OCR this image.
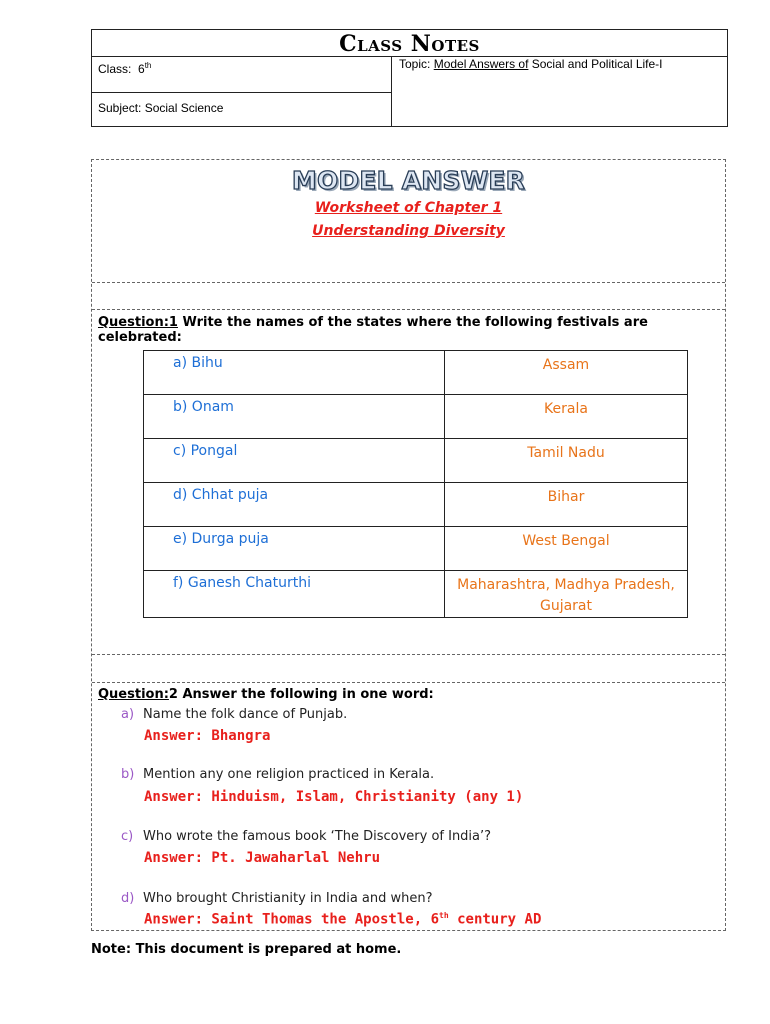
Class Notes
Class: 6th
Subject: Social Science
Topic: Model Answers of Social and Political Life-I
MODEL ANSWER
Worksheet of Chapter 1
Understanding Diversity
Question:1 Write the names of the states where the following festivals are celebrated:
a) Bihu	Assam
b) Onam	Kerala
c) Pongal	Tamil Nadu
d) Chhat puja	Bihar
e) Durga puja	West Bengal
f) Ganesh Chaturthi	Maharashtra, Madhya Pradesh, Gujarat
Question:2 Answer the following in one word:
a) Name the folk dance of Punjab.
Answer: Bhangra
b) Mention any one religion practiced in Kerala.
Answer: Hinduism, Islam, Christianity (any 1)
c) Who wrote the famous book ‘The Discovery of India’?
Answer: Pt. Jawaharlal Nehru
d) Who brought Christianity in India and when?
Answer: Saint Thomas the Apostle, 6th century AD
Note: This document is prepared at home.
